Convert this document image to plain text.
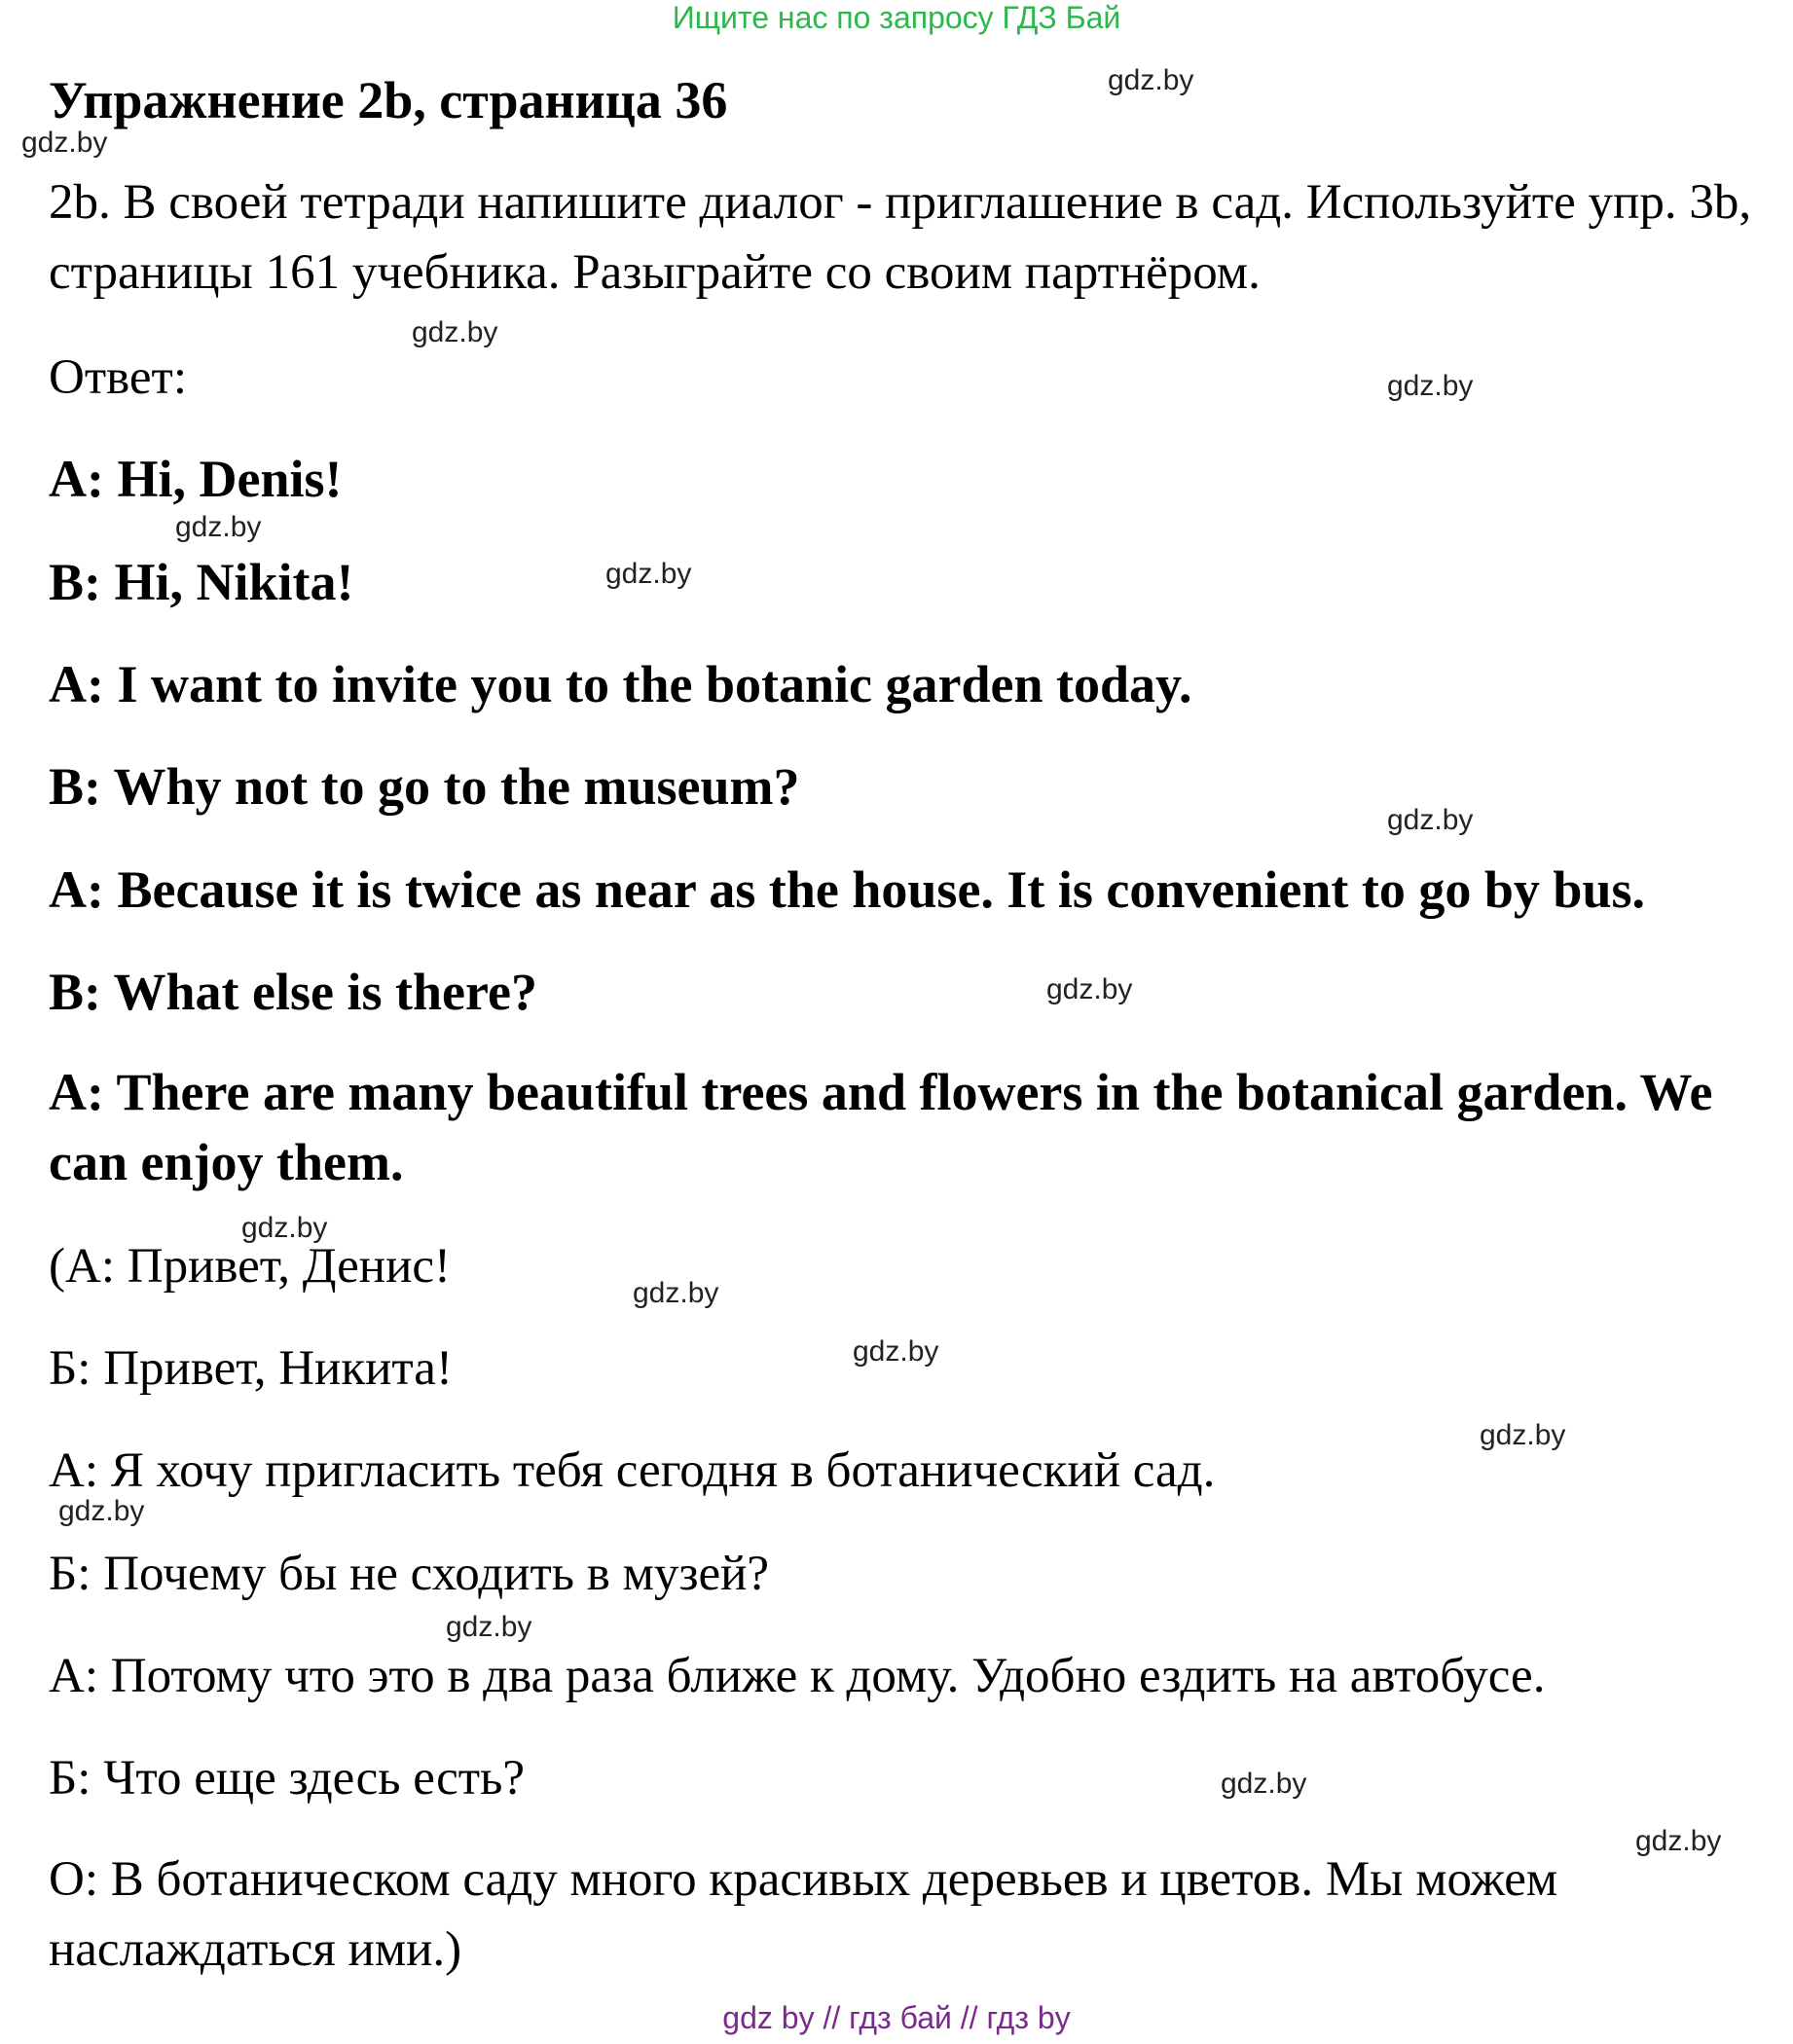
Ищите нас по запросу ГДЗ Бай
Упражнение 2b, страница 36
2b. В своей тетради напишите диалог - приглашение в сад. Используйте упр. 3b, страницы 161 учебника. Разыграйте со своим партнёром.
Ответ:
A: Hi, Denis!
B: Hi, Nikita!
A: I want to invite you to the botanic garden today.
B: Why not to go to the museum?
A: Because it is twice as near as the house. It is convenient to go by bus.
B: What else is there?
A: There are many beautiful trees and flowers in the botanical garden. We can enjoy them.
(А: Привет, Денис!
Б: Привет, Никита!
А: Я хочу пригласить тебя сегодня в ботанический сад.
Б: Почему бы не сходить в музей?
А: Потому что это в два раза ближе к дому. Удобно ездить на автобусе.
Б: Что еще здесь есть?
О: В ботаническом саду много красивых деревьев и цветов. Мы можем наслаждаться ими.)
gdz.by
gdz.by
gdz.by
gdz.by
gdz.by
gdz.by
gdz.by
gdz.by
gdz.by
gdz.by
gdz.by
gdz.by
gdz.by
gdz.by
gdz.by
gdz.by
gdz by // гдз бай // гдз by
